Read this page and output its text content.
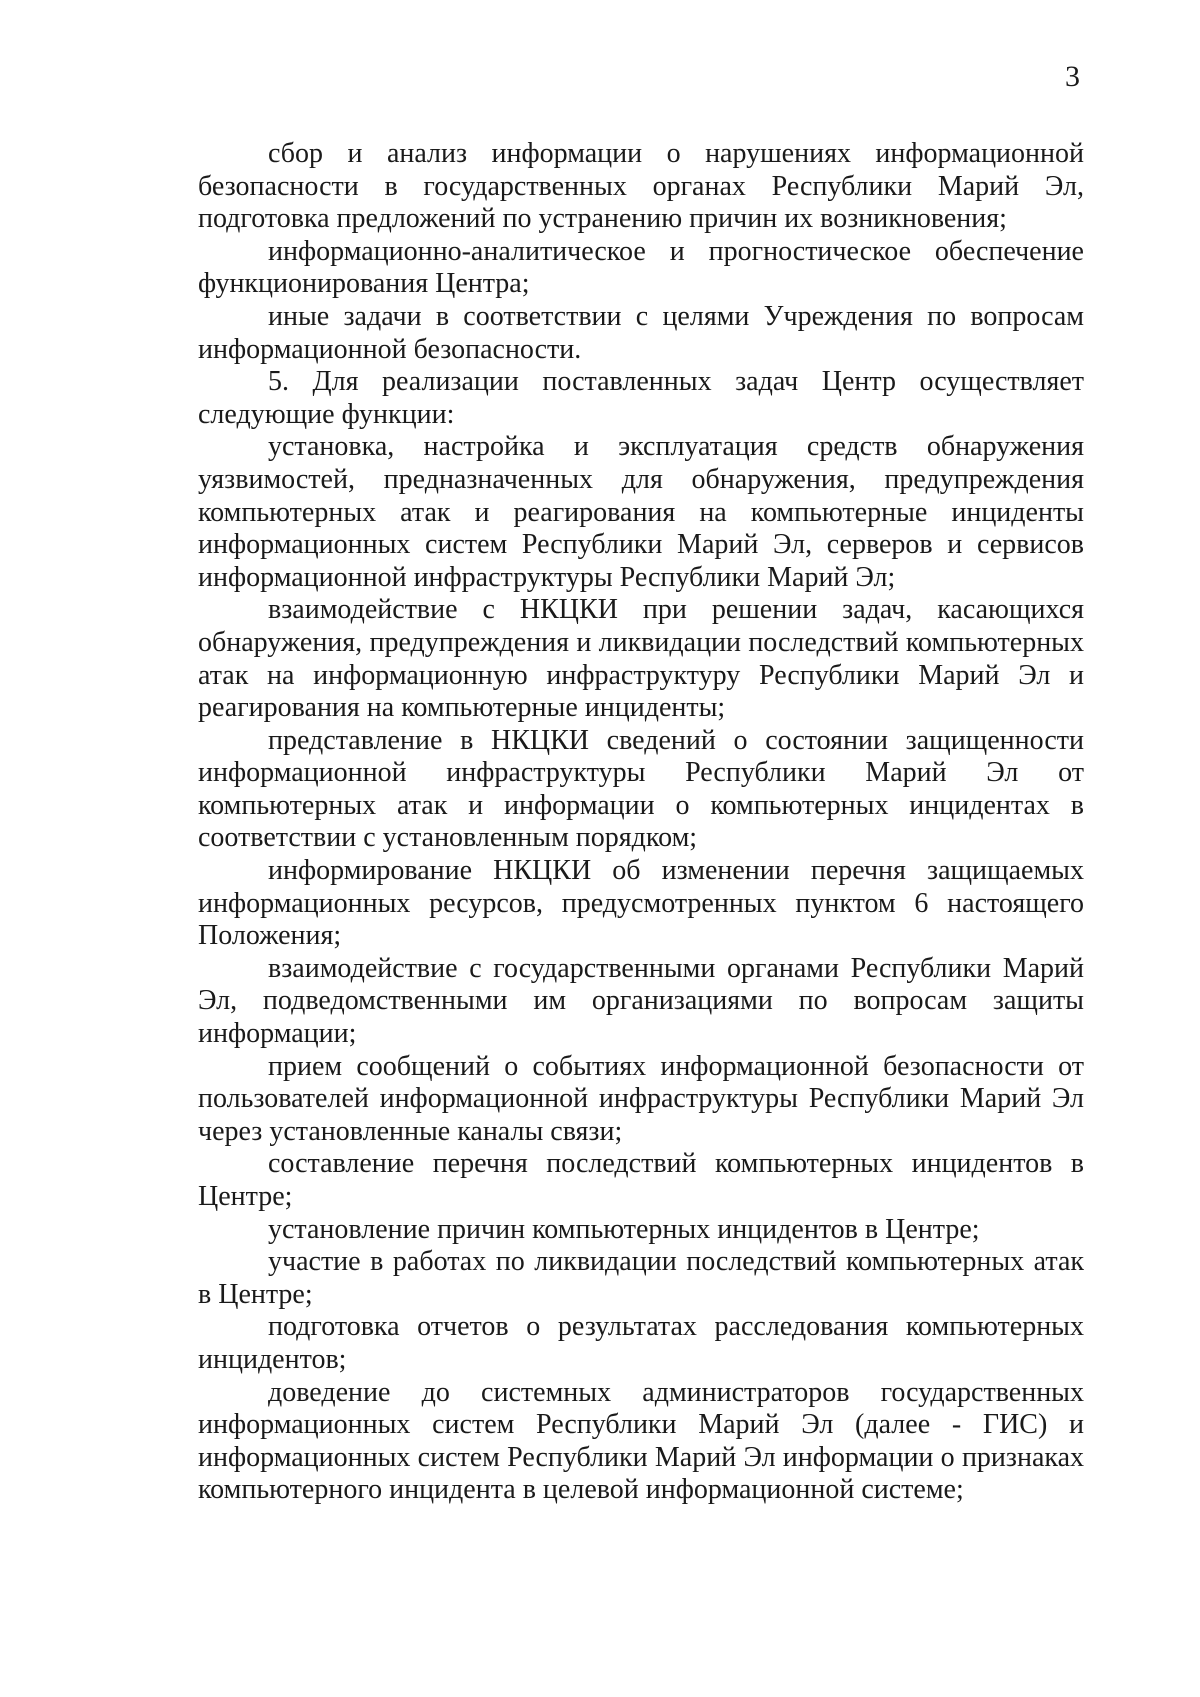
3

сбор и анализ информации о нарушениях информационной безопасности в государственных органах Республики Марий Эл, подготовка предложений по устранению причин их возникновения;

информационно-аналитическое и прогностическое обеспечение функционирования Центра;

иные задачи в соответствии с целями Учреждения по вопросам информационной безопасности.

5. Для реализации поставленных задач Центр осуществляет следующие функции:

установка, настройка и эксплуатация средств обнаружения уязвимостей, предназначенных для обнаружения, предупреждения компьютерных атак и реагирования на компьютерные инциденты информационных систем Республики Марий Эл, серверов и сервисов информационной инфраструктуры Республики Марий Эл;

взаимодействие с НКЦКИ при решении задач, касающихся обнаружения, предупреждения и ликвидации последствий компьютерных атак на информационную инфраструктуру Республики Марий Эл и реагирования на компьютерные инциденты;

представление в НКЦКИ сведений о состоянии защищенности информационной инфраструктуры Республики Марий Эл от компьютерных атак и информации о компьютерных инцидентах в соответствии с установленным порядком;

информирование НКЦКИ об изменении перечня защищаемых информационных ресурсов, предусмотренных пунктом 6 настоящего Положения;

взаимодействие с государственными органами Республики Марий Эл, подведомственными им организациями по вопросам защиты информации;

прием сообщений о событиях информационной безопасности от пользователей информационной инфраструктуры Республики Марий Эл через установленные каналы связи;

составление перечня последствий компьютерных инцидентов в Центре;

установление причин компьютерных инцидентов в Центре;

участие в работах по ликвидации последствий компьютерных атак в Центре;

подготовка отчетов о результатах расследования компьютерных инцидентов;

доведение до системных администраторов государственных информационных систем Республики Марий Эл (далее - ГИС) и информационных систем Республики Марий Эл информации о признаках компьютерного инцидента в целевой информационной системе;
